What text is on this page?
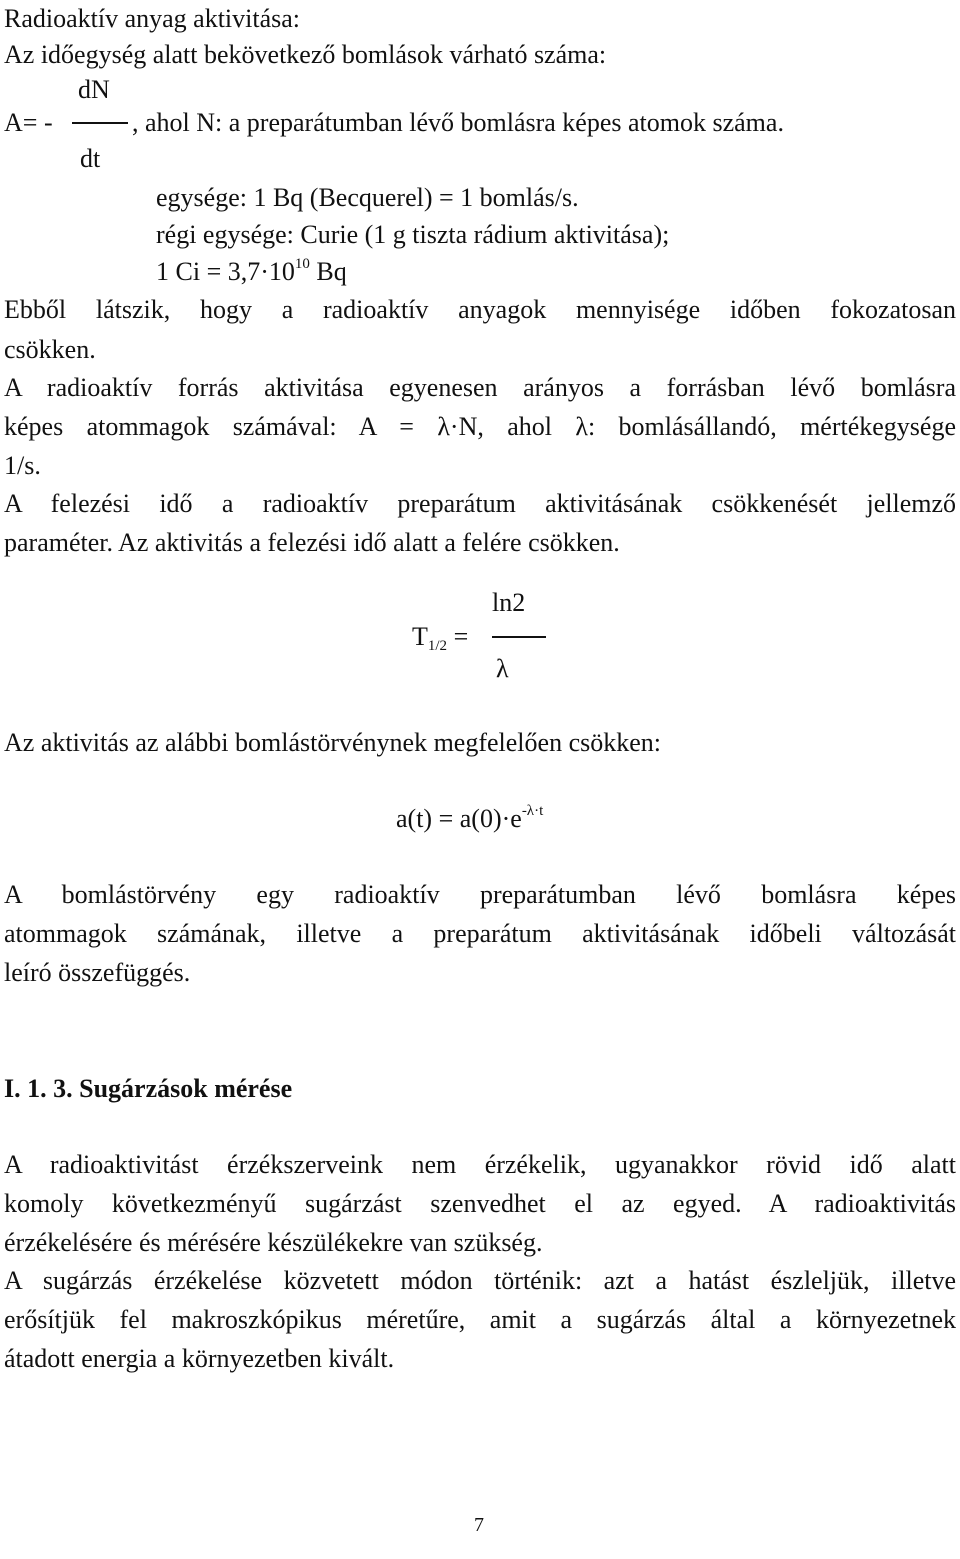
Radioaktív anyag aktivitása:
Az időegység alatt bekövetkező bomlások várható száma:
dN
A= -	, ahol N: a preparátumban lévő bomlásra képes atomok száma.
dt
egysége: 1 Bq (Becquerel) = 1 bomlás/s.
régi egysége: Curie (1 g tiszta rádium aktivitása);
1 $Ci = 3,7\cdot 10^{10}$ Bq
Ebből látszik, hogy a radioaktív anyagok mennyisége időben fokozatosan
csökken.
A radioaktív forrás aktivitása egyenesen arányos a forrásban lévő bomlásra
képes atommagok számával: A = λ·N, ahol λ: bomlásállandó, mértékegysége
1/s.
A felezési idő a radioaktív preparátum aktivitásának csökkenését jellemző
paraméter. Az aktivitás a felezési idő alatt a felére csökken.
ln2
$T_{1/2}$ =
λ
Az aktivitás az alábbi bomlástörvénynek megfelelően csökken:
$a(t) = a(0)\cdot e^{-\lambda\cdot t}$
A bomlástörvény egy radioaktív preparátumban lévő bomlásra képes
atommagok számának, illetve a preparátum aktivitásának időbeli változását
leíró összefüggés.
I. 1. 3. Sugárzások mérése
A radioaktivitást érzékszerveink nem érzékelik, ugyanakkor rövid idő alatt
komoly következményű sugárzást szenvedhet el az egyed. A radioaktivitás
érzékelésére és mérésére készülékekre van szükség.
A sugárzás érzékelése közvetett módon történik: azt a hatást észleljük, illetve
erősítjük fel makroszkópikus méretűre, amit a sugárzás által a környezetnek
átadott energia a környezetben kivált.
7
